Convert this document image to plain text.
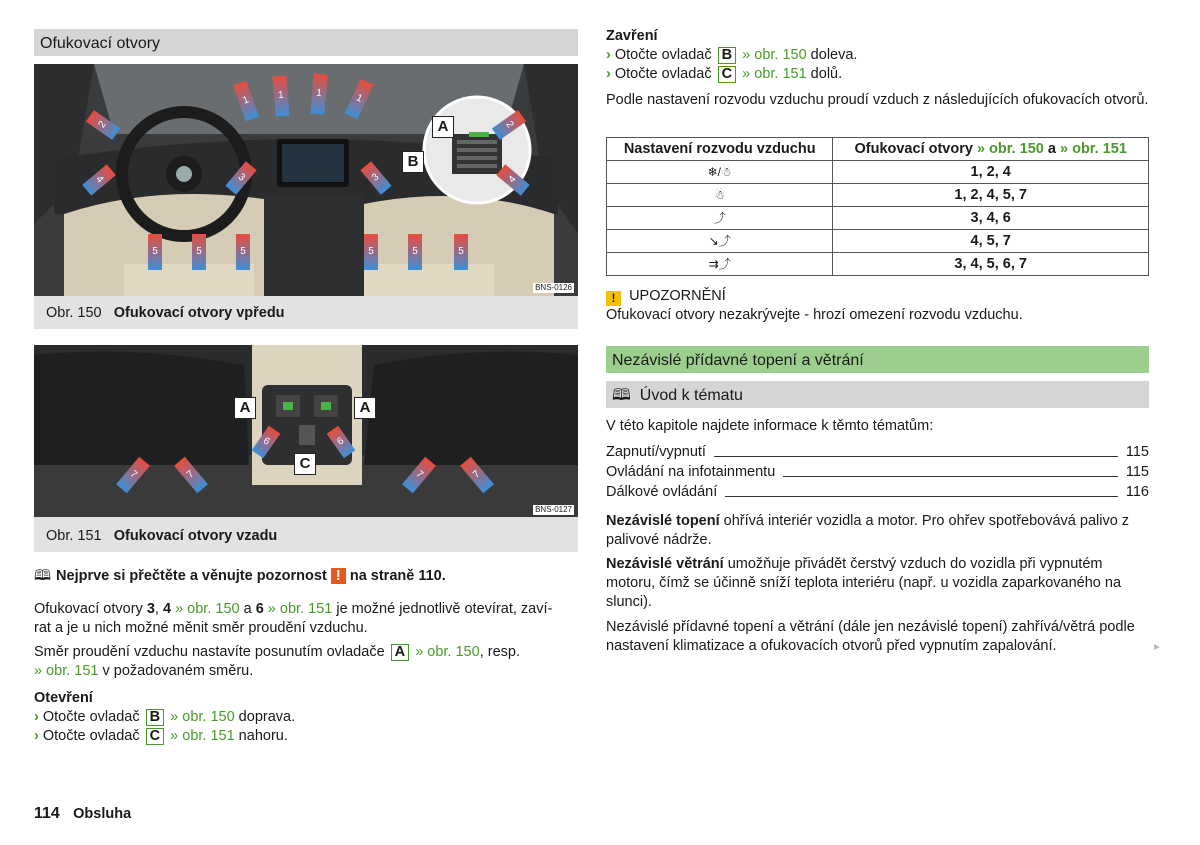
Ofukovací otvory
1	1	1	1
2	2
3	3
4	4
5	5	5	5	5	5
A
B
BNS-0126
Obr. 150 Ofukovací otvory vpředu
6	6
7	7	7	7
A	A
C
BNS-0127
Obr. 151 Ofukovací otvory vzadu
🕮 Nejprve si přečtěte a věnujte pozornost ! na straně 110.

Ofukovací otvory 3, 4 » obr. 150 a 6 » obr. 151 je možné jednotlivě otevírat, zaví-
rat a je u nich možné měnit směr proudění vzduchu.

Směr proudění vzduchu nastavíte posunutím ovladače A » obr. 150, resp.
» obr. 151 v požadovaném směru.

Otevření
› Otočte ovladač B » obr. 150 doprava.
› Otočte ovladač C » obr. 151 nahoru.
Zavření
› Otočte ovladač B » obr. 150 doleva.
› Otočte ovladač C » obr. 151 dolů.

Podle nastavení rozvodu vzduchu proudí vzduch z následujících ofukovacích otvorů.

Nastavení rozvodu vzduchu	Ofukovací otvory » obr. 150 a » obr. 151
❄/☃	1, 2, 4
☃	1, 2, 4, 5, 7
⤴	3, 4, 6
↘⤴	4, 5, 7
⇉⤴	3, 4, 5, 6, 7
! UPOZORNĚNÍ
Ofukovací otvory nezakrývejte - hrozí omezení rozvodu vzduchu.
Nezávislé přídavné topení a větrání
🕮 Úvod k tématu

V této kapitole najdete informace k těmto tématům:

Zapnutí/vypnutí	115
Ovládání na infotainmentu	115
Dálkové ovládání	116

Nezávislé topení ohřívá interiér vozidla a motor. Pro ohřev spotřebovává palivo z palivové nádrže.

Nezávislé větrání umožňuje přivádět čerstvý vzduch do vozidla při vypnutém motoru, čímž se účinně sníží teplota interiéru (např. u vozidla zaparkovaného na slunci).

Nezávislé přídavné topení a větrání (dále jen nezávislé topení) zahřívá/větrá podle nastavení klimatizace a ofukovacích otvorů před vypnutím zapalování.	►
114 Obsluha
